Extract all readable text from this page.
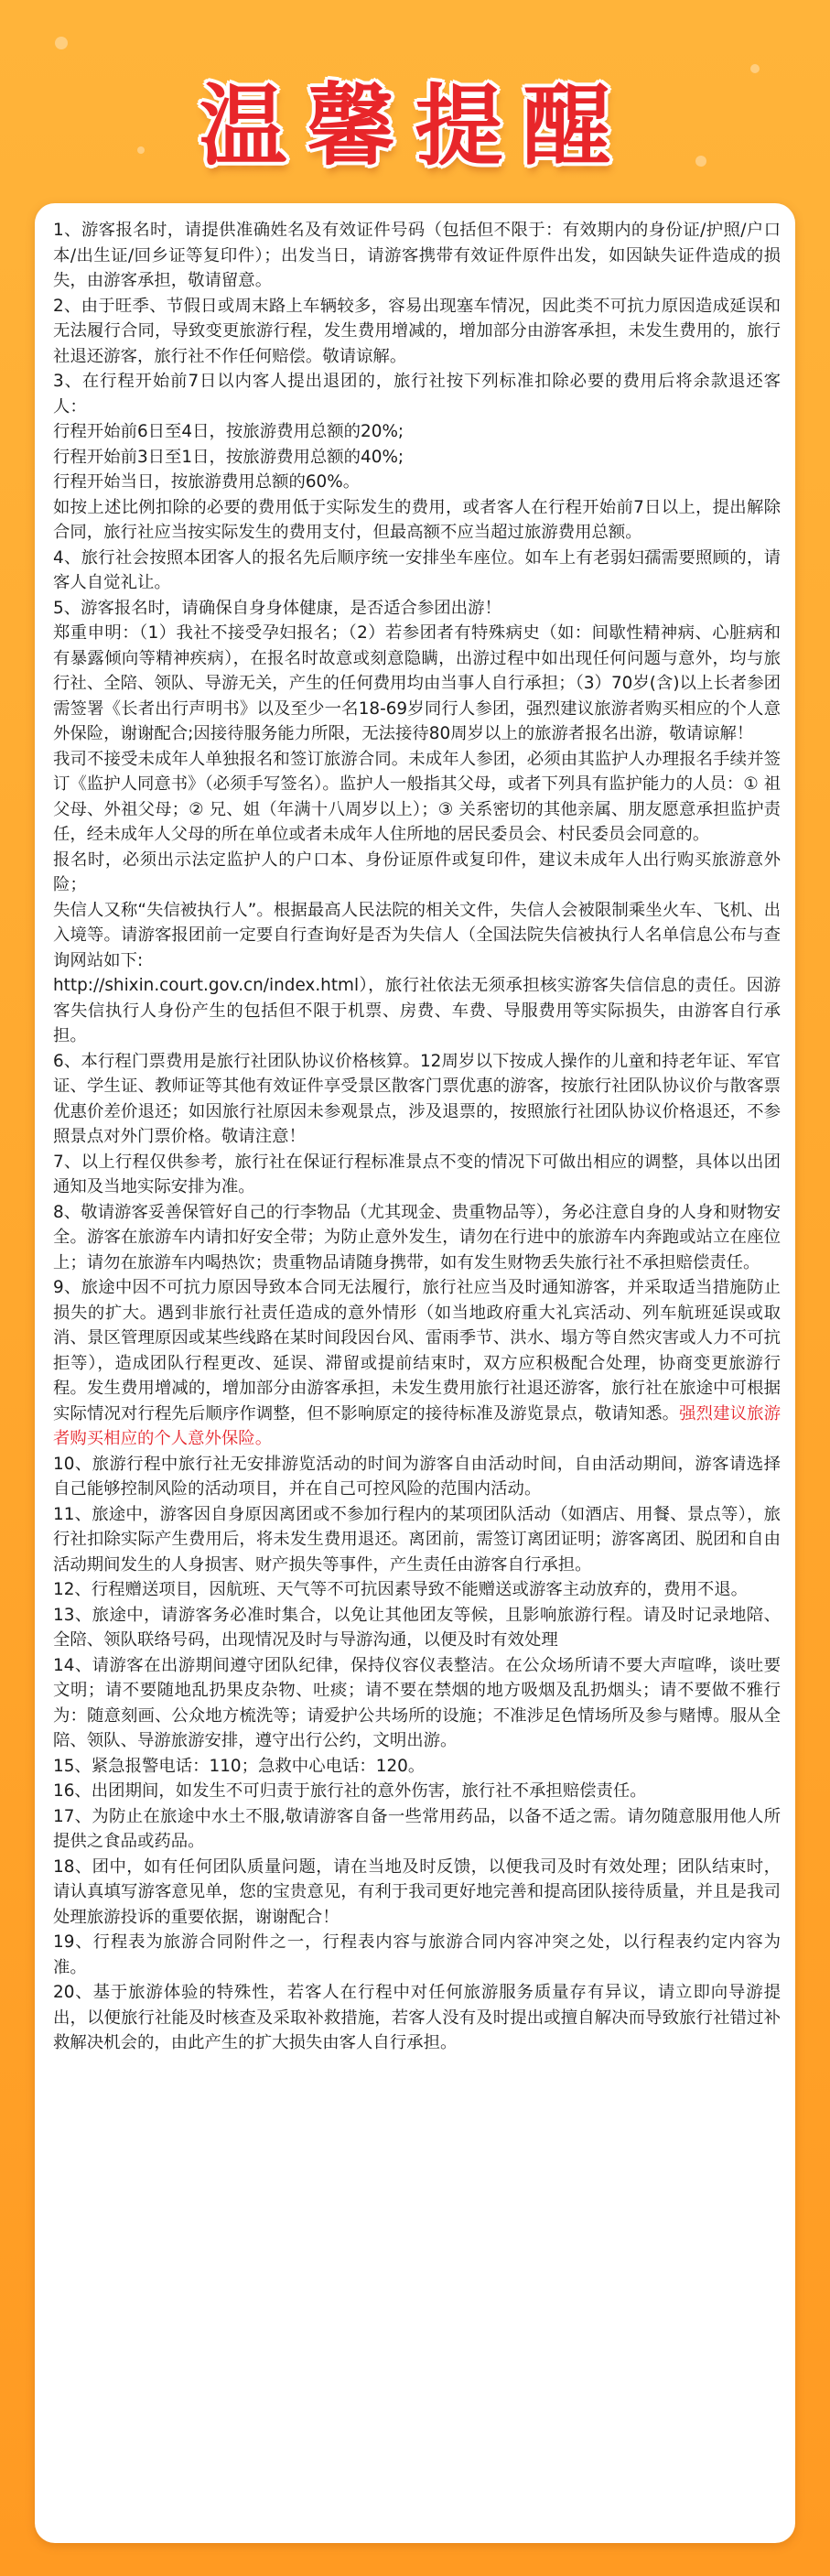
温馨提醒

1、游客报名时，请提供准确姓名及有效证件号码（包括但不限于：有效期内的身份证/护照/户口本/出生证/回乡证等复印件）；出发当日，请游客携带有效证件原件出发，如因缺失证件造成的损失，由游客承担，敬请留意。

2、由于旺季、节假日或周末路上车辆较多，容易出现塞车情况，因此类不可抗力原因造成延误和无法履行合同，导致变更旅游行程，发生费用增减的，增加部分由游客承担，未发生费用的，旅行社退还游客，旅行社不作任何赔偿。敬请谅解。

3、在行程开始前7日以内客人提出退团的，旅行社按下列标准扣除必要的费用后将余款退还客人：

行程开始前6日至4日，按旅游费用总额的20%;

行程开始前3日至1日，按旅游费用总额的40%;

行程开始当日，按旅游费用总额的60%。

如按上述比例扣除的必要的费用低于实际发生的费用，或者客人在行程开始前7日以上，提出解除合同，旅行社应当按实际发生的费用支付，但最高额不应当超过旅游费用总额。

4、旅行社会按照本团客人的报名先后顺序统一安排坐车座位。如车上有老弱妇孺需要照顾的，请客人自觉礼让。

5、游客报名时，请确保自身身体健康，是否适合参团出游！

郑重申明：（1）我社不接受孕妇报名；（2）若参团者有特殊病史（如：间歇性精神病、心脏病和有暴露倾向等精神疾病），在报名时故意或刻意隐瞒，出游过程中如出现任何问题与意外，均与旅行社、全陪、领队、导游无关，产生的任何费用均由当事人自行承担；（3）70岁(含)以上长者参团需签署《长者出行声明书》以及至少一名18-69岁同行人参团，强烈建议旅游者购买相应的个人意外保险，谢谢配合;因接待服务能力所限，无法接待80周岁以上的旅游者报名出游，敬请谅解！

我司不接受未成年人单独报名和签订旅游合同。未成年人参团，必须由其监护人办理报名手续并签订《监护人同意书》（必须手写签名）。监护人一般指其父母，或者下列具有监护能力的人员：① 祖父母、外祖父母；② 兄、姐（年满十八周岁以上）；③ 关系密切的其他亲属、朋友愿意承担监护责任，经未成年人父母的所在单位或者未成年人住所地的居民委员会、村民委员会同意的。

报名时，必须出示法定监护人的户口本、身份证原件或复印件，建议未成年人出行购买旅游意外险；

失信人又称“失信被执行人”。根据最高人民法院的相关文件，失信人会被限制乘坐火车、飞机、出入境等。请游客报团前一定要自行查询好是否为失信人（全国法院失信被执行人名单信息公布与查询网站如下:

http://shixin.court.gov.cn/index.html），旅行社依法无须承担核实游客失信信息的责任。因游客失信执行人身份产生的包括但不限于机票、房费、车费、导服费用等实际损失，由游客自行承担。

6、本行程门票费用是旅行社团队协议价格核算。12周岁以下按成人操作的儿童和持老年证、军官证、学生证、教师证等其他有效证件享受景区散客门票优惠的游客，按旅行社团队协议价与散客票优惠价差价退还；如因旅行社原因未参观景点，涉及退票的，按照旅行社团队协议价格退还，不参照景点对外门票价格。敬请注意！

7、以上行程仅供参考，旅行社在保证行程标准景点不变的情况下可做出相应的调整，具体以出团通知及当地实际安排为准。

8、敬请游客妥善保管好自己的行李物品（尤其现金、贵重物品等），务必注意自身的人身和财物安全。游客在旅游车内请扣好安全带；为防止意外发生，请勿在行进中的旅游车内奔跑或站立在座位上；请勿在旅游车内喝热饮；贵重物品请随身携带，如有发生财物丢失旅行社不承担赔偿责任。

9、旅途中因不可抗力原因导致本合同无法履行，旅行社应当及时通知游客，并采取适当措施防止损失的扩大。遇到非旅行社责任造成的意外情形（如当地政府重大礼宾活动、列车航班延误或取消、景区管理原因或某些线路在某时间段因台风、雷雨季节、洪水、塌方等自然灾害或人力不可抗拒等），造成团队行程更改、延误、滞留或提前结束时，双方应积极配合处理，协商变更旅游行程。发生费用增减的，增加部分由游客承担，未发生费用旅行社退还游客，旅行社在旅途中可根据实际情况对行程先后顺序作调整，但不影响原定的接待标准及游览景点，敬请知悉。强烈建议旅游者购买相应的个人意外保险。

10、旅游行程中旅行社无安排游览活动的时间为游客自由活动时间，自由活动期间，游客请选择自己能够控制风险的活动项目，并在自己可控风险的范围内活动。

11、旅途中，游客因自身原因离团或不参加行程内的某项团队活动（如酒店、用餐、景点等），旅行社扣除实际产生费用后，将未发生费用退还。离团前，需签订离团证明；游客离团、脱团和自由活动期间发生的人身损害、财产损失等事件，产生责任由游客自行承担。

12、行程赠送项目，因航班、天气等不可抗因素导致不能赠送或游客主动放弃的，费用不退。

13、旅途中，请游客务必准时集合，以免让其他团友等候，且影响旅游行程。请及时记录地陪、全陪、领队联络号码，出现情况及时与导游沟通，以便及时有效处理

14、请游客在出游期间遵守团队纪律，保持仪容仪表整洁。在公众场所请不要大声喧哗，谈吐要文明；请不要随地乱扔果皮杂物、吐痰；请不要在禁烟的地方吸烟及乱扔烟头；请不要做不雅行为：随意刻画、公众地方梳洗等；请爱护公共场所的设施；不准涉足色情场所及参与赌博。服从全陪、领队、导游旅游安排，遵守出行公约，文明出游。

15、紧急报警电话：110；急救中心电话：120。

16、出团期间，如发生不可归责于旅行社的意外伤害，旅行社不承担赔偿责任。

17、为防止在旅途中水土不服,敬请游客自备一些常用药品，以备不适之需。请勿随意服用他人所提供之食品或药品。

18、团中，如有任何团队质量问题，请在当地及时反馈，以便我司及时有效处理；团队结束时，请认真填写游客意见单，您的宝贵意见，有利于我司更好地完善和提高团队接待质量，并且是我司处理旅游投诉的重要依据，谢谢配合！

19、行程表为旅游合同附件之一，行程表内容与旅游合同内容冲突之处，以行程表约定内容为准。

20、基于旅游体验的特殊性，若客人在行程中对任何旅游服务质量存有异议，请立即向导游提出，以便旅行社能及时核查及采取补救措施，若客人没有及时提出或擅自解决而导致旅行社错过补救解决机会的，由此产生的扩大损失由客人自行承担。
